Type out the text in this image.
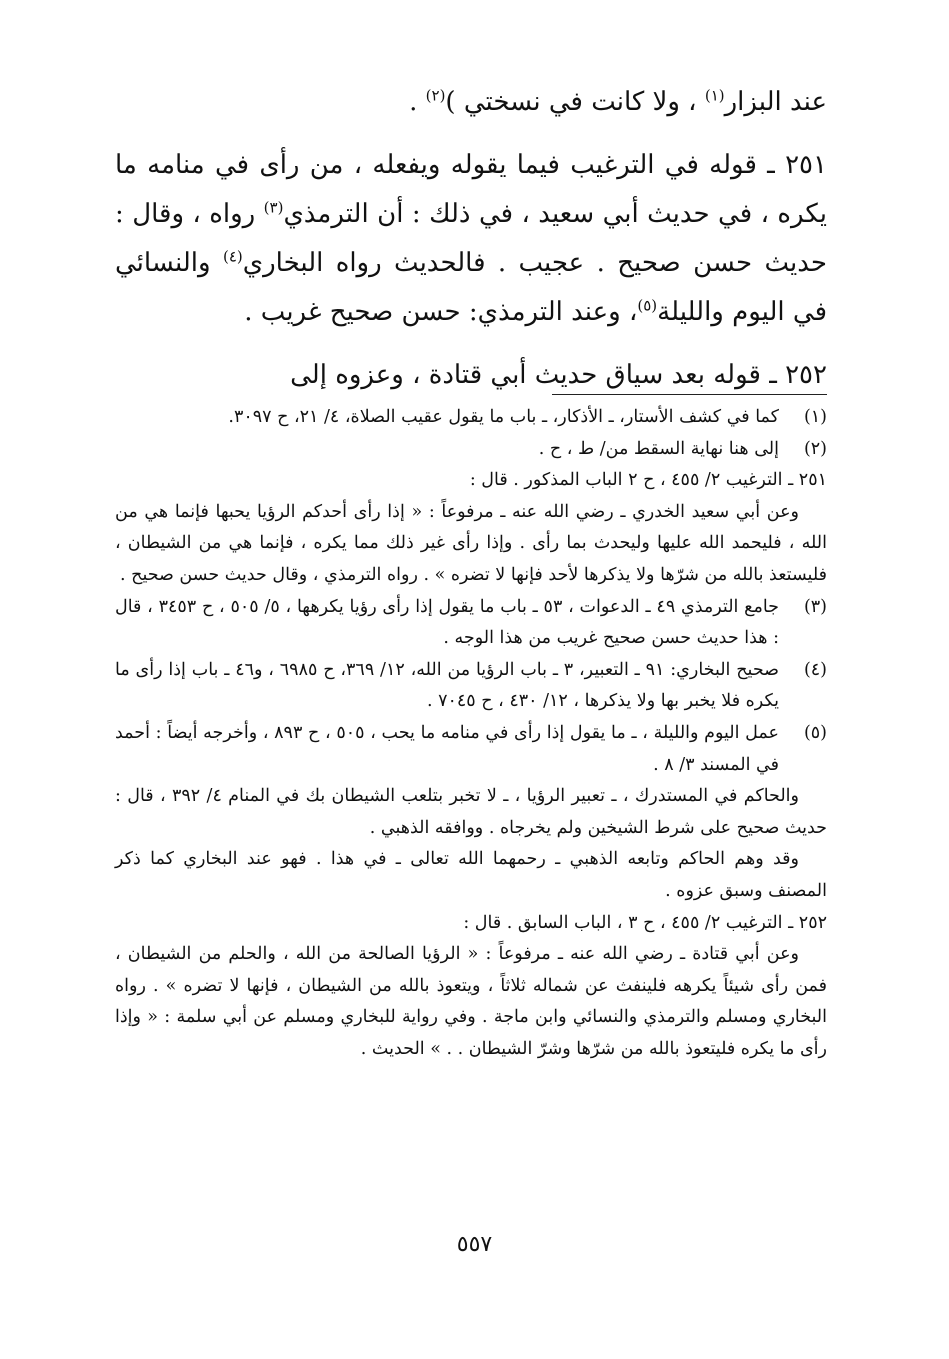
عند البزار$^{(١)}$ ، ولا كانت في نسختي )$^{(٢)}$ .

٢٥١ ـ قوله في الترغيب فيما يقوله ويفعله ، من رأى في منامه ما يكره ، في حديث أبي سعيد ، في ذلك : أن الترمذي$^{(٣)}$ رواه ، وقال : حديث حسن صحيح . عجيب . فالحديث رواه البخاري$^{(٤)}$ والنسائي في اليوم والليلة$^{(٥)}$، وعند الترمذي: حسن صحيح غريب .

٢٥٢ ـ قوله بعد سياق حديث أبي قتادة ، وعزوه إلى

(١)
كما في كشف الأستار، ـ الأذكار، ـ باب ما يقول عقيب الصلاة، ٤/ ٢١، ح ٣٠٩٧.
(٢)
إلى هنا نهاية السقط من/ ط ، ح .

٢٥١ ـ الترغيب ٢/ ٤٥٥ ، ح ٢ الباب المذكور . قال :

وعن أبي سعيد الخدري ـ رضي الله عنه ـ مرفوعاً : « إذا رأى أحدكم الرؤيا يحبها فإنما هي من الله ، فليحمد الله عليها وليحدث بما رأى . وإذا رأى غير ذلك مما يكره ، فإنما هي من الشيطان ، فليستعذ بالله من شرّها ولا يذكرها لأحد فإنها لا تضره » . رواه الترمذي ، وقال حديث حسن صحيح .

(٣)
جامع الترمذي ٤٩ ـ الدعوات ، ٥٣ ـ باب ما يقول إذا رأى رؤيا يكرهها ، ٥/ ٥٠٥ ، ح ٣٤٥٣ ، قال : هذا حديث حسن صحيح غريب من هذا الوجه .
(٤)
صحيح البخاري: ٩١ ـ التعبير، ٣ ـ باب الرؤيا من الله، ١٢/ ٣٦٩، ح ٦٩٨٥ ، و٤٦ ـ باب إذا رأى ما يكره فلا يخبر بها ولا يذكرها ، ١٢/ ٤٣٠ ، ح ٧٠٤٥ .
(٥)
عمل اليوم والليلة ، ـ ما يقول إذا رأى في منامه ما يحب ، ٥٠٥ ، ح ٨٩٣ ، وأخرجه أيضاً : أحمد في المسند ٣/ ٨ .

والحاكم في المستدرك ، ـ تعبير الرؤيا ، ـ لا تخبر بتلعب الشيطان بك في المنام ٤/ ٣٩٢ ، قال : حديث صحيح على شرط الشيخين ولم يخرجاه . ووافقه الذهبي .

وقد وهم الحاكم وتابعه الذهبي ـ رحمهما الله تعالى ـ في هذا . فهو عند البخاري كما ذكر المصنف وسبق عزوه .

٢٥٢ ـ الترغيب ٢/ ٤٥٥ ، ح ٣ ، الباب السابق . قال :

وعن أبي قتادة ـ رضي الله عنه ـ مرفوعاً : « الرؤيا الصالحة من الله ، والحلم من الشيطان ، فمن رأى شيئاً يكرهه فلينفث عن شماله ثلاثاً ، ويتعوذ بالله من الشيطان ، فإنها لا تضره » . رواه البخاري ومسلم والترمذي والنسائي وابن ماجة . وفي رواية للبخاري ومسلم عن أبي سلمة : « وإذا رأى ما يكره فليتعوذ بالله من شرّها وشرّ الشيطان . . » الحديث .

٥٥٧
